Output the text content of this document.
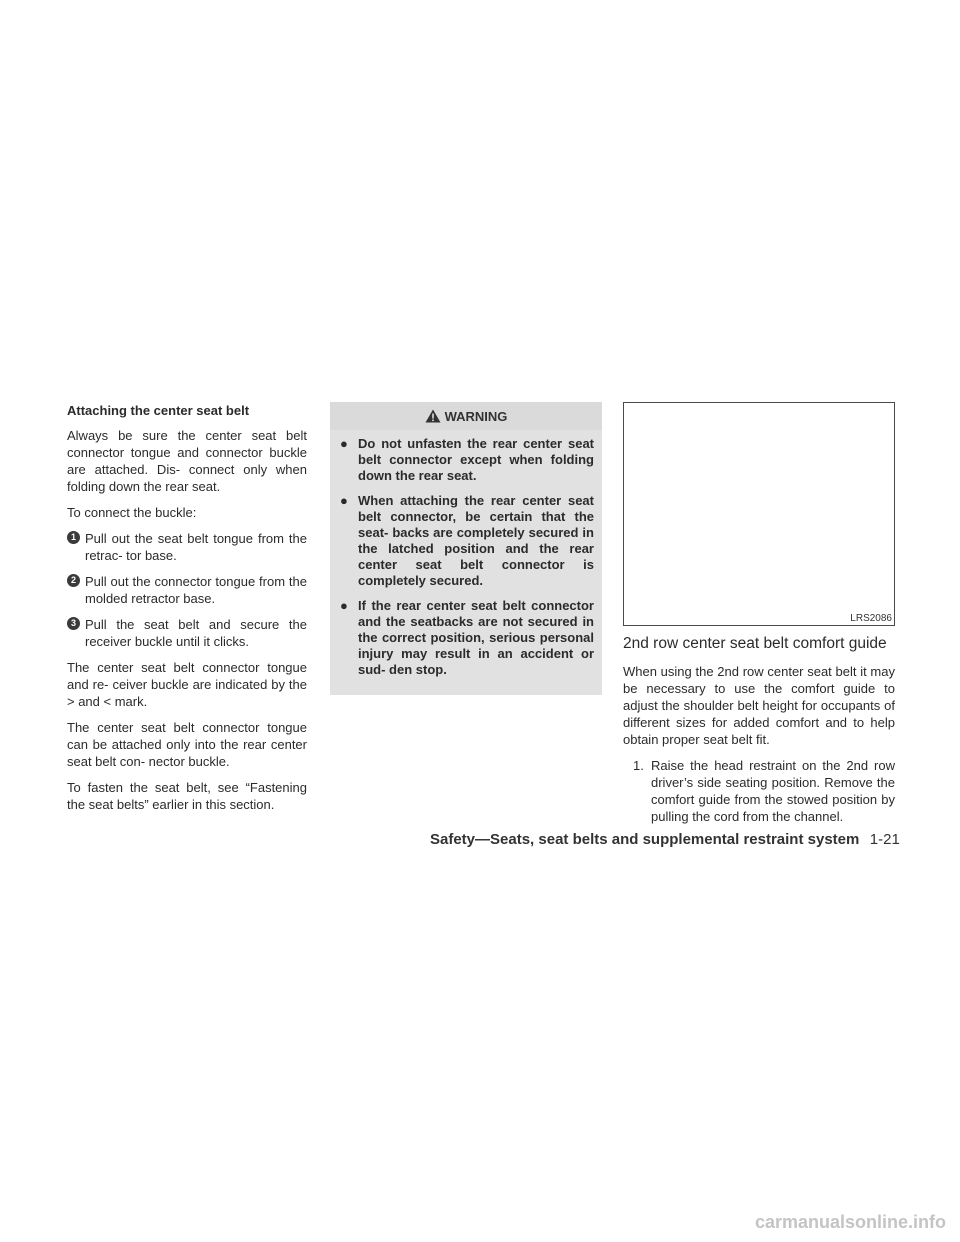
Attaching the center seat belt
Always be sure the center seat belt connector tongue and connector buckle are attached. Dis- connect only when folding down the rear seat.
To connect the buckle:
1 Pull out the seat belt tongue from the retrac- tor base.
2 Pull out the connector tongue from the molded retractor base.
3 Pull the seat belt and secure the receiver buckle until it clicks.
The center seat belt connector tongue and re- ceiver buckle are indicated by the > and < mark.
The center seat belt connector tongue can be attached only into the rear center seat belt con- nector buckle.
To fasten the seat belt, see “Fastening the seat belts” earlier in this section.
WARNING
● Do not unfasten the rear center seat belt connector except when folding down the rear seat.
● When attaching the rear center seat belt connector, be certain that the seat- backs are completely secured in the latched position and the rear center seat belt connector is completely secured.
● If the rear center seat belt connector and the seatbacks are not secured in the correct position, serious personal injury may result in an accident or sud- den stop.
LRS2086
2nd row center seat belt comfort guide
When using the 2nd row center seat belt it may be necessary to use the comfort guide to adjust the shoulder belt height for occupants of different sizes for added comfort and to help obtain proper seat belt fit.
1. Raise the head restraint on the 2nd row driver’s side seating position. Remove the comfort guide from the stowed position by pulling the cord from the channel.
Safety—Seats, seat belts and supplemental restraint system 1-21
carmanualsonline.info
